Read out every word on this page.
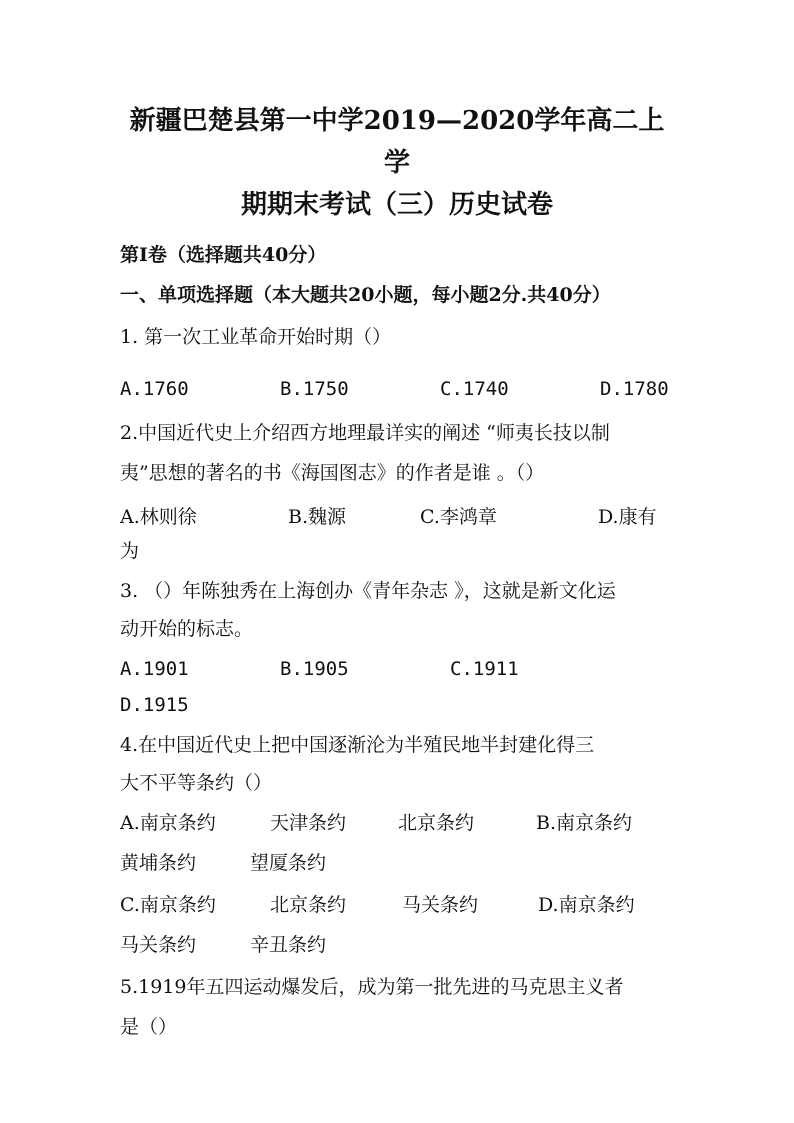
新疆巴楚县第一中学2019—2020学年高二上学
期期末考试（三）历史试卷

第Ⅰ卷（选择题共40分）

一、单项选择题（本大题共20小题，每小题2分.共40分）

1. 第一次工业革命开始时期（）

A.1760	B.1750	C.1740	D.1780

2.中国近代史上介绍西方地理最详实的阐述 “师夷长技以制

夷”思想的著名的书《海国图志》的作者是谁 。（）

A.林则徐	B.魏源	C.李鸿章	D.康有

为

3. （）年陈独秀在上海创办《青年杂志 》，这就是新文化运

动开始的标志。

A.1901	B.1905	C.1911

D.1915

4.在中国近代史上把中国逐渐沦为半殖民地半封建化得三

大不平等条约（）

A.南京条约	天津条约	北京条约	B.南京条约
黄埔条约	望厦条约
C.南京条约	北京条约	马关条约	D.南京条约
马关条约	辛丑条约

5.1919年五四运动爆发后，成为第一批先进的马克思主义者

是（）
